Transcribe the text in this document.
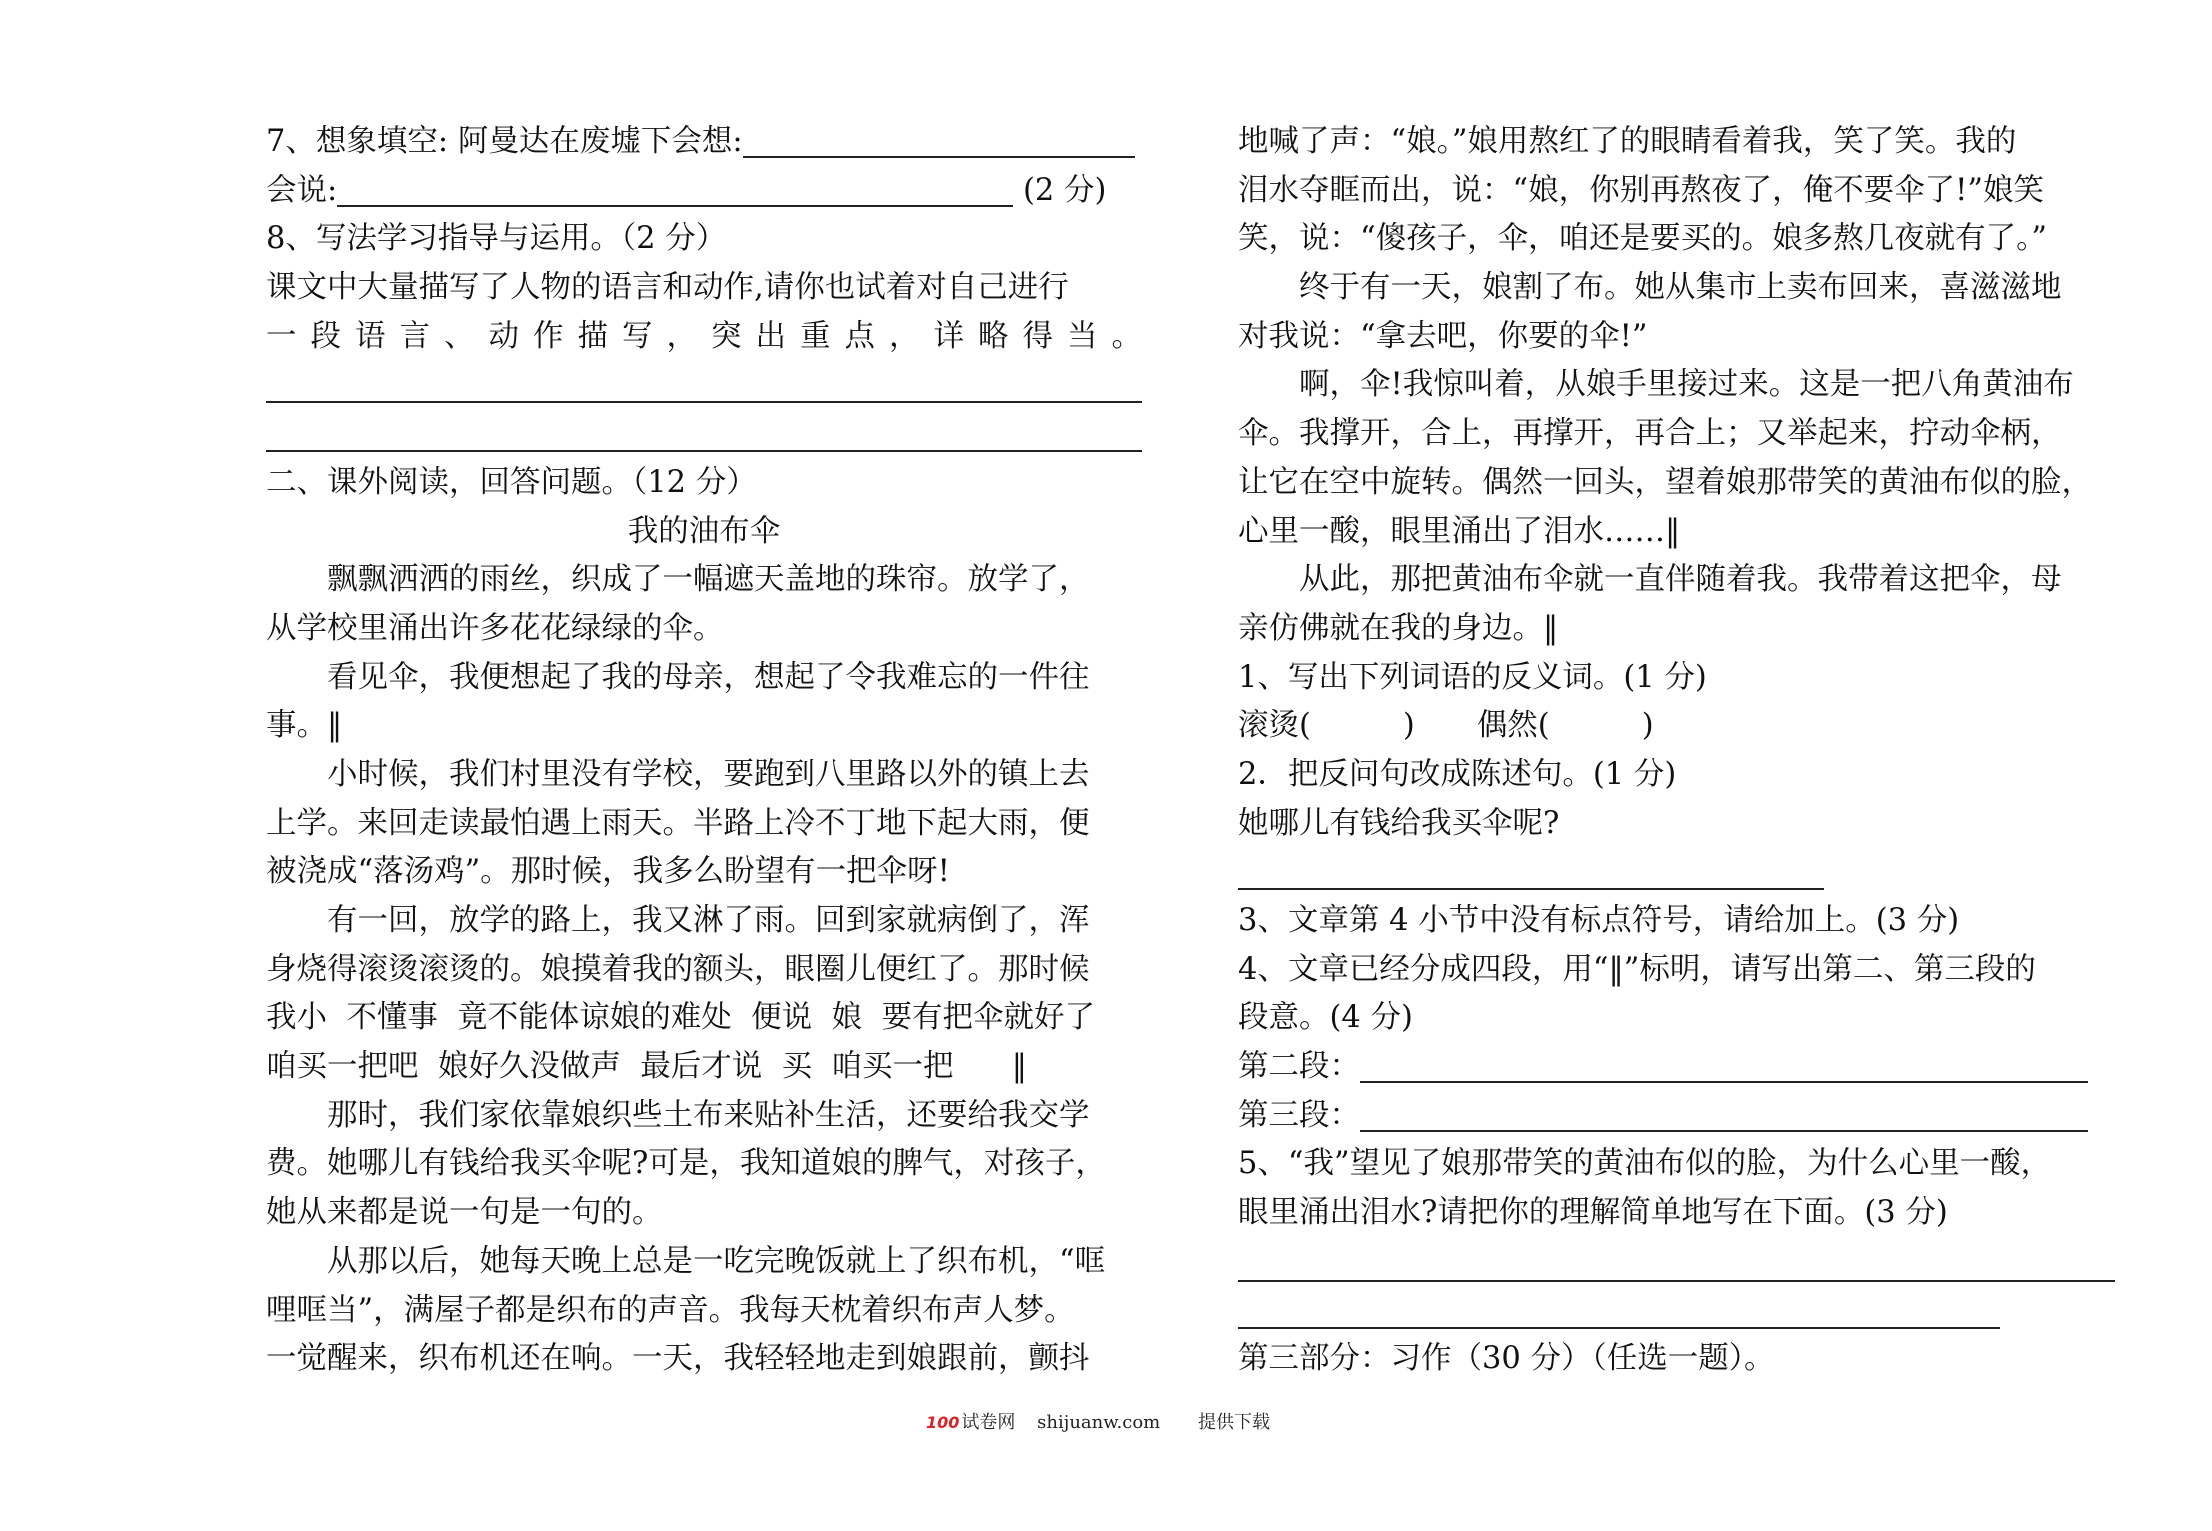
7、想象填空: 阿曼达在废墟下会想:
会说:	(2 分)
8、写法学习指导与运用。（2 分）
课文中大量描写了人物的语言和动作,请你也试着对自己进行
一段语言、动作描写，突出重点，详略得当。
二、课外阅读，回答问题。（12 分）
我的油布伞
飘飘洒洒的雨丝，织成了一幅遮天盖地的珠帘。放学了，
从学校里涌出许多花花绿绿的伞。
看见伞，我便想起了我的母亲，想起了令我难忘的一件往
事。‖
小时候，我们村里没有学校，要跑到八里路以外的镇上去
上学。来回走读最怕遇上雨天。半路上冷不丁地下起大雨，便
被浇成“落汤鸡”。那时候，我多么盼望有一把伞呀!
有一回，放学的路上，我又淋了雨。回到家就病倒了，浑
身烧得滚烫滚烫的。娘摸着我的额头，眼圈儿便红了。那时候
我小  不懂事  竟不能体谅娘的难处  便说  娘  要有把伞就好了
咱买一把吧  娘好久没做声  最后才说  买  咱买一把      ‖
那时，我们家依靠娘织些土布来贴补生活，还要给我交学
费。她哪儿有钱给我买伞呢?可是，我知道娘的脾气，对孩子，
她从来都是说一句是一句的。
从那以后，她每天晚上总是一吃完晚饭就上了织布机，“哐
哩哐当”，满屋子都是织布的声音。我每天枕着织布声人梦。
一觉醒来，织布机还在响。一天，我轻轻地走到娘跟前，颤抖
地喊了声：“娘。”娘用熬红了的眼睛看着我，笑了笑。我的
泪水夺眶而出，说：“娘，你别再熬夜了，俺不要伞了!”娘笑
笑，说：“傻孩子，伞，咱还是要买的。娘多熬几夜就有了。”
终于有一天，娘割了布。她从集市上卖布回来，喜滋滋地
对我说：“拿去吧，你要的伞!”
啊，伞!我惊叫着，从娘手里接过来。这是一把八角黄油布
伞。我撑开，合上，再撑开，再合上；又举起来，拧动伞柄，
让它在空中旋转。偶然一回头，望着娘那带笑的黄油布似的脸，
心里一酸，眼里涌出了泪水……‖
从此，那把黄油布伞就一直伴随着我。我带着这把伞，母
亲仿佛就在我的身边。‖
1、写出下列词语的反义词。(1 分)
滚烫(	) 偶然(	)
2．把反问句改成陈述句。(1 分)
她哪儿有钱给我买伞呢?
3、文章第 4 小节中没有标点符号，请给加上。(3 分)
4、文章已经分成四段，用“‖”标明，请写出第二、第三段的
段意。(4 分)
第二段：
第三段：
5、“我”望见了娘那带笑的黄油布似的脸，为什么心里一酸，
眼里涌出泪水?请把你的理解简单地写在下面。(3 分)
第三部分：习作（30 分）（任选一题）。
100 试卷网 shijuanw.com 提供下载
